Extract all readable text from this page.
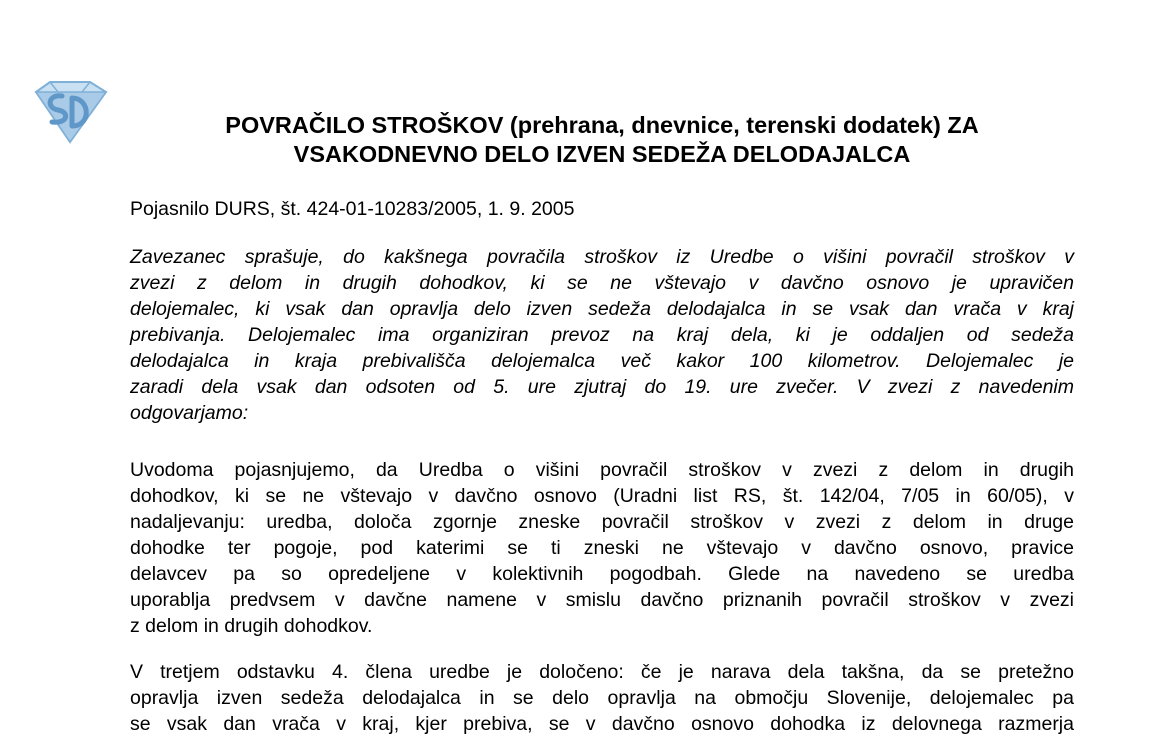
POVRAČILO STROŠKOV (prehrana, dnevnice, terenski dodatek) ZA
VSAKODNEVNO DELO IZVEN SEDEŽA DELODAJALCA

Pojasnilo DURS, št. 424-01-10283/2005, 1. 9. 2005

Zavezanec sprašuje, do kakšnega povračila stroškov iz Uredbe o višini povračil stroškov v
zvezi z delom in drugih dohodkov, ki se ne vštevajo v davčno osnovo je upravičen
delojemalec, ki vsak dan opravlja delo izven sedeža delodajalca in se vsak dan vrača v kraj
prebivanja. Delojemalec ima organiziran prevoz na kraj dela, ki je oddaljen od sedeža
delodajalca in kraja prebivališča delojemalca več kakor 100 kilometrov. Delojemalec je
zaradi dela vsak dan odsoten od 5. ure zjutraj do 19. ure zvečer. V zvezi z navedenim
odgovarjamo:

Uvodoma pojasnjujemo, da Uredba o višini povračil stroškov v zvezi z delom in drugih
dohodkov, ki se ne vštevajo v davčno osnovo (Uradni list RS, št. 142/04, 7/05 in 60/05), v
nadaljevanju: uredba, določa zgornje zneske povračil stroškov v zvezi z delom in druge
dohodke ter pogoje, pod katerimi se ti zneski ne vštevajo v davčno osnovo, pravice
delavcev pa so opredeljene v kolektivnih pogodbah. Glede na navedeno se uredba
uporablja predvsem v davčne namene v smislu davčno priznanih povračil stroškov v zvezi
z delom in drugih dohodkov.

V tretjem odstavku 4. člena uredbe je določeno: če je narava dela takšna, da se pretežno
opravlja izven sedeža delodajalca in se delo opravlja na območju Slovenije, delojemalec pa
se vsak dan vrača v kraj, kjer prebiva, se v davčno osnovo dohodka iz delovnega razmerja
